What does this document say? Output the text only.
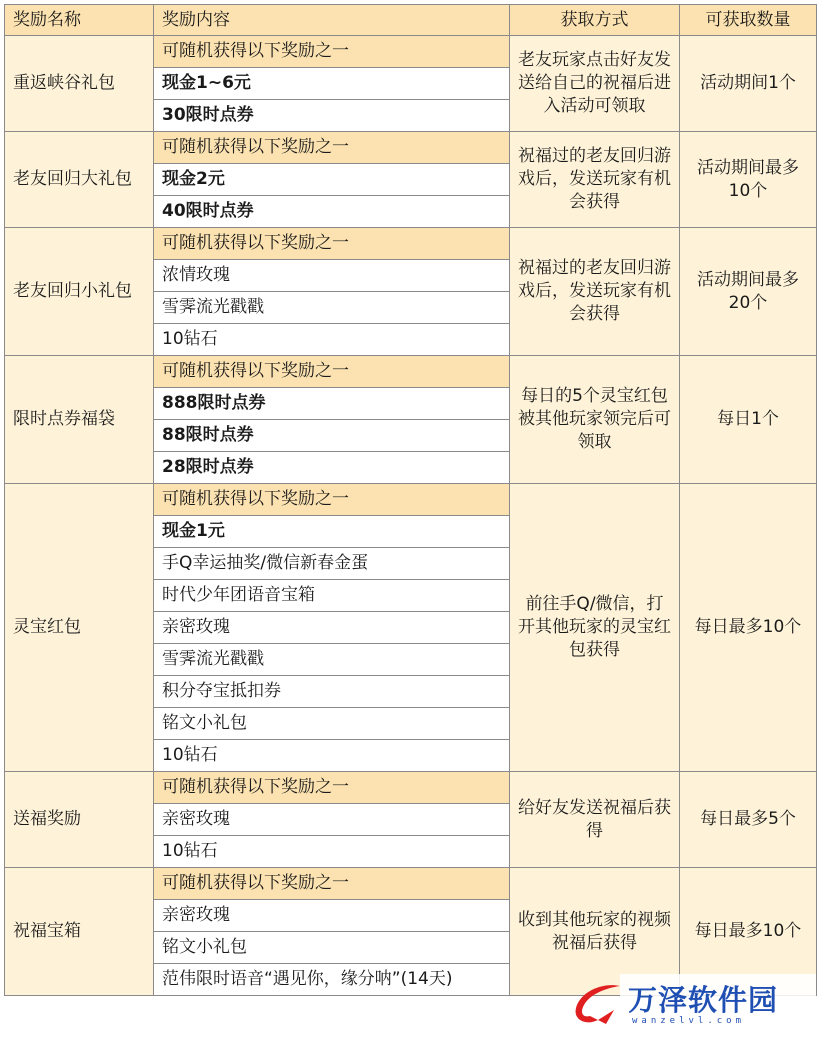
奖励名称	奖励内容	获取方式	可获取数量
重返峡谷礼包	可随机获得以下奖励之一	老友玩家点击好友发送给自己的祝福后进入活动可领取	活动期间1个
	现金1~6元		
	30限时点券		
老友回归大礼包	可随机获得以下奖励之一	祝福过的老友回归游戏后，发送玩家有机会获得	活动期间最多10个
	现金2元		
	40限时点券		
老友回归小礼包	可随机获得以下奖励之一	祝福过的老友回归游戏后，发送玩家有机会获得	活动期间最多20个
	浓情玫瑰		
	雪霁流光戳戳		
	10钻石		
限时点券福袋	可随机获得以下奖励之一	每日的5个灵宝红包被其他玩家领完后可领取	每日1个
	888限时点券		
	88限时点券		
	28限时点券		
灵宝红包	可随机获得以下奖励之一	前往手Q/微信，打开其他玩家的灵宝红包获得	每日最多10个
	现金1元		
	手Q幸运抽奖/微信新春金蛋		
	时代少年团语音宝箱		
	亲密玫瑰		
	雪霁流光戳戳		
	积分夺宝抵扣券		
	铭文小礼包		
	10钻石		
送福奖励	可随机获得以下奖励之一	给好友发送祝福后获得	每日最多5个
	亲密玫瑰		
	10钻石		
祝福宝箱	可随机获得以下奖励之一	收到其他玩家的视频祝福后获得	每日最多10个
	亲密玫瑰		
	铭文小礼包		
	范伟限时语音“遇见你，缘分呐”(14天)		
万泽软件园
wanzelvl.com
